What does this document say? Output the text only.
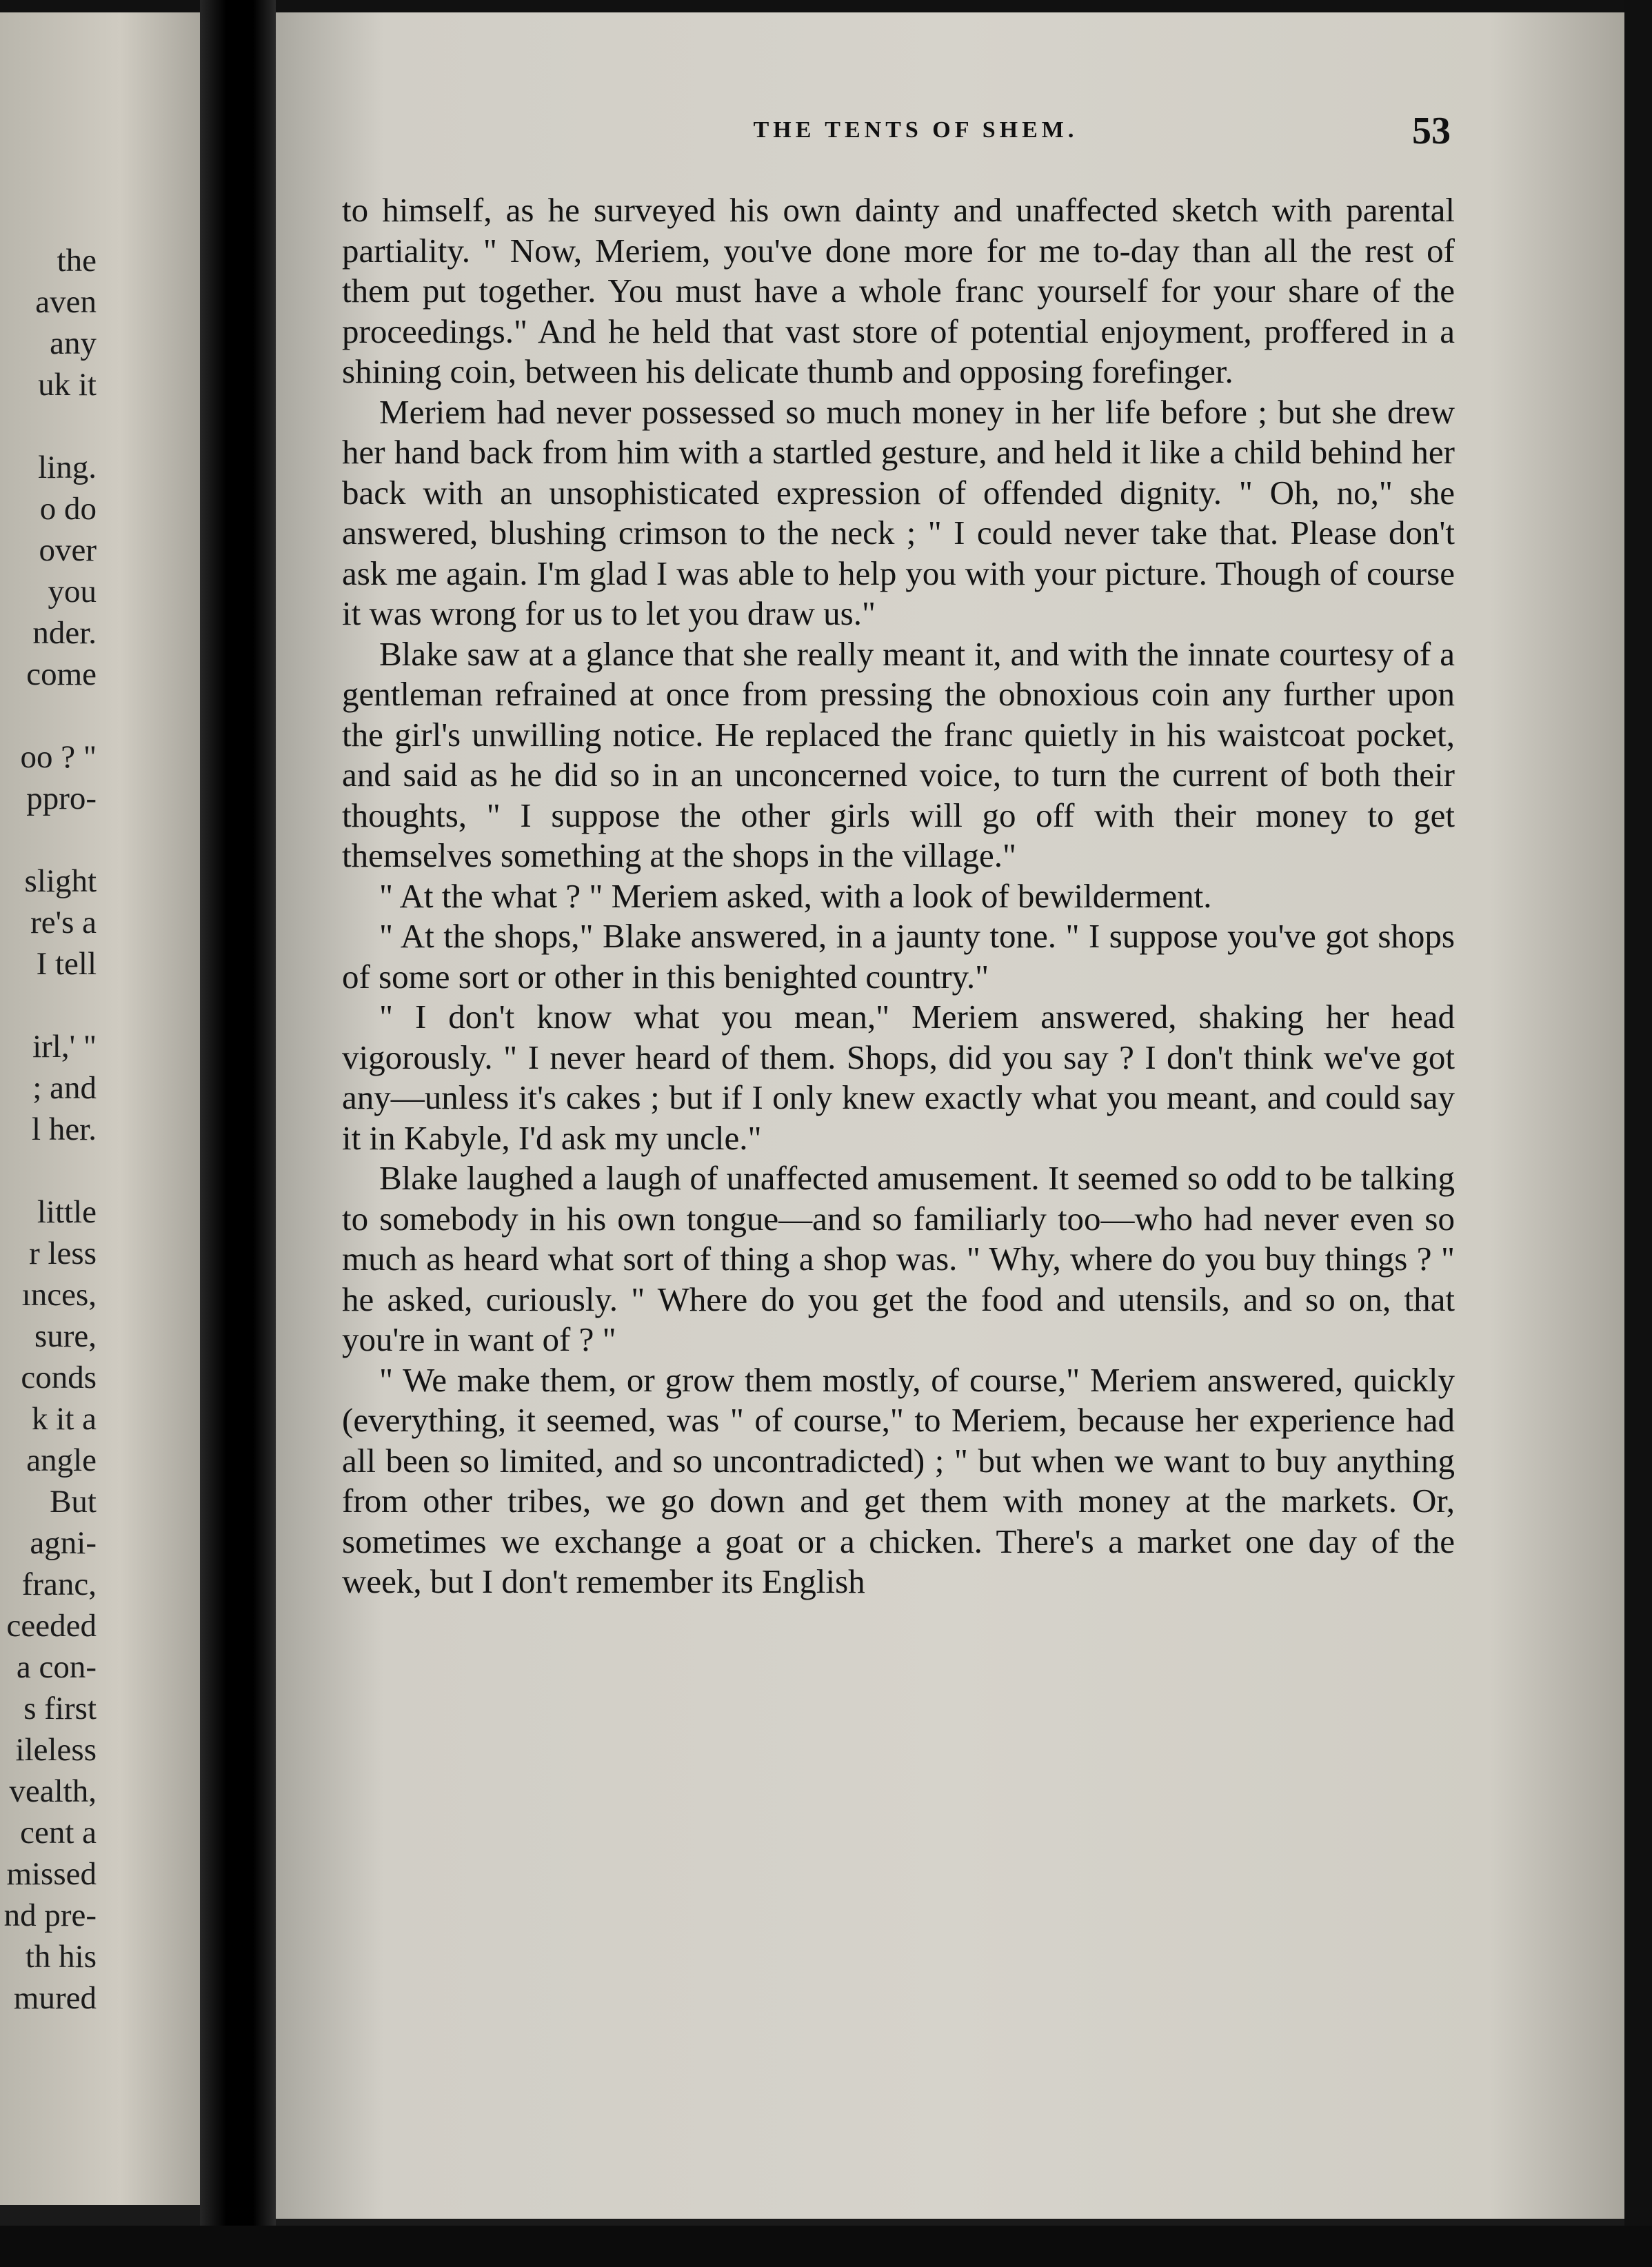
the
aven
any
uk it
ling.
o do
over
you
nder.
come
oo ? "
ppro-
slight
re's a
I tell
irl,' "
; and
l her.
little
r less
ınces,
sure,
conds
k it a
angle
But
agni-
franc,
ceeded
a con-
s first
ileless
vealth,
cent a
missed
nd pre-
th his
mured
THE TENTS OF SHEM.	53

to himself, as he surveyed his own dainty and unaffected sketch with parental partiality. " Now, Meriem, you've done more for me to-day than all the rest of them put together. You must have a whole franc yourself for your share of the proceedings." And he held that vast store of potential enjoyment, proffered in a shining coin, between his delicate thumb and opposing forefinger.

Meriem had never possessed so much money in her life before ; but she drew her hand back from him with a startled gesture, and held it like a child behind her back with an unsophisticated expression of offended dignity. " Oh, no," she answered, blushing crimson to the neck ; " I could never take that. Please don't ask me again. I'm glad I was able to help you with your picture. Though of course it was wrong for us to let you draw us."

Blake saw at a glance that she really meant it, and with the innate courtesy of a gentleman refrained at once from pressing the obnoxious coin any further upon the girl's unwilling notice. He replaced the franc quietly in his waistcoat pocket, and said as he did so in an unconcerned voice, to turn the current of both their thoughts, " I suppose the other girls will go off with their money to get themselves something at the shops in the village."

" At the what ? " Meriem asked, with a look of bewilderment.

" At the shops," Blake answered, in a jaunty tone. " I suppose you've got shops of some sort or other in this benighted country."

" I don't know what you mean," Meriem answered, shaking her head vigorously. " I never heard of them. Shops, did you say ? I don't think we've got any—unless it's cakes ; but if I only knew exactly what you meant, and could say it in Kabyle, I'd ask my uncle."

Blake laughed a laugh of unaffected amusement. It seemed so odd to be talking to somebody in his own tongue—and so familiarly too—who had never even so much as heard what sort of thing a shop was. " Why, where do you buy things ? " he asked, curiously. " Where do you get the food and utensils, and so on, that you're in want of ? "

" We make them, or grow them mostly, of course," Meriem answered, quickly (everything, it seemed, was " of course," to Meriem, because her experience had all been so limited, and so uncontradicted) ; " but when we want to buy anything from other tribes, we go down and get them with money at the markets. Or, sometimes we exchange a goat or a chicken. There's a market one day of the week, but I don't remember its English
